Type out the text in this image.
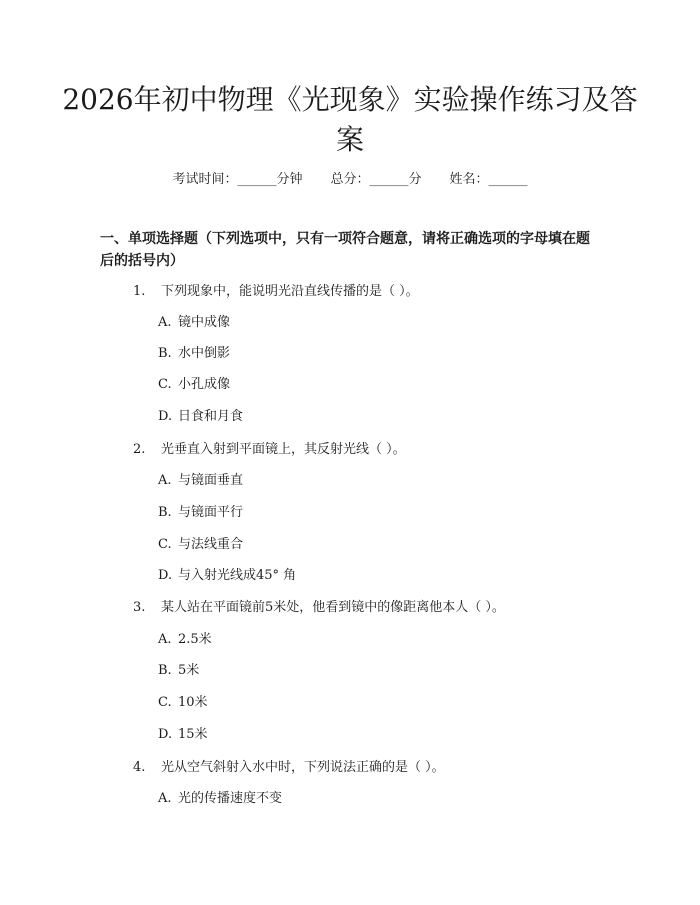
2026年初中物理《光现象》实验操作练习及答案
考试时间：______分钟 总分：______分 姓名：______
一、单项选择题（下列选项中，只有一项符合题意，请将正确选项的字母填在题后的括号内）
1. 下列现象中，能说明光沿直线传播的是（ ）。
A. 镜中成像
B. 水中倒影
C. 小孔成像
D. 日食和月食
2. 光垂直入射到平面镜上，其反射光线（ ）。
A. 与镜面垂直
B. 与镜面平行
C. 与法线重合
D. 与入射光线成45° 角
3. 某人站在平面镜前5米处，他看到镜中的像距离他本人（ ）。
A. 2.5米
B. 5米
C. 10米
D. 15米
4. 光从空气斜射入水中时，下列说法正确的是（ ）。
A. 光的传播速度不变
